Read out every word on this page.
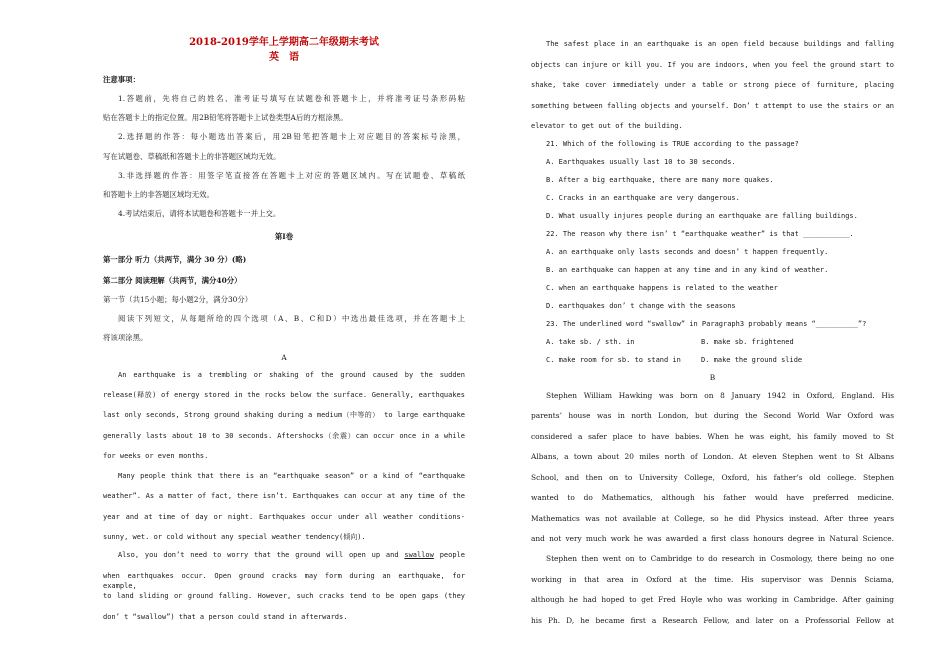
2018-2019学年上学期高二年级期末考试
英　语
注意事项：
1.答题前，先将自己的姓名、准考证号填写在试题卷和答题卡上，并将准考证号条形码粘
贴在答题卡上的指定位置。用2B铅笔将答题卡上试卷类型A后的方框涂黑。
2.选择题的作答：每小题选出答案后，用2B铅笔把答题卡上对应题目的答案标号涂黑，
写在试题卷、草稿纸和答题卡上的非答题区域均无效。
3.非选择题的作答：用签字笔直接答在答题卡上对应的答题区域内。写在试题卷、草稿纸
和答题卡上的非答题区域均无效。
4.考试结束后，请将本试题卷和答题卡一并上交。
第Ⅰ卷
第一部分 听力（共两节，满分 30 分）(略)
第二部分 阅读理解（共两节，满分40分）
第一节（共15小题；每小题2分，满分30分）
阅读下列短文，从每题所给的四个选项（A、B、C和D）中选出最佳选项，并在答题卡上
将该项涂黑。
A
An earthquake is a trembling or shaking of the ground caused by the sudden
release(释放) of energy stored in the rocks below the surface. Generally, earthquakes
last only seconds, Strong ground shaking during a medium（中等的） to large earthquake
generally lasts about 10 to 30 seconds. Aftershocks（余震）can occur once in a while
for weeks or even months.
Many people think that there is an “earthquake season” or a kind of “earthquake
weather”. As a matter of fact, there isn’t. Earthquakes can occur at any time of the
year and at time of day or night. Earthquakes occur under all weather conditions-
sunny, wet. or cold without any special weather tendency(倾向).
Also, you don’t need to worry that the ground will open up and swallow people
when earthquakes occur. Open ground cracks may form during an earthquake, for example,
to land sliding or ground falling. However, such cracks tend to be open gaps (they
don’ t “swallow”) that a person could stand in afterwards.
The safest place in an earthquake is an open field because buildings and falling
objects can injure or kill you. If you are indoors, when you feel the ground start to
shake, take cover immediately under a table or strong piece of furniture, placing
something between falling objects and yourself. Don’ t attempt to use the stairs or an
elevator to get out of the building.
21. Which of the following is TRUE according to the passage?
A. Earthquakes usually last 10 to 30 seconds.
B. After a big earthquake, there are many more quakes.
C. Cracks in an earthquake are very dangerous.
D. What usually injures people during an earthquake are falling buildings.
22. The reason why there isn’ t “earthquake weather” is that ___________.
A. an earthquake only lasts seconds and doesn’ t happen frequently.
B. an earthquake can happen at any time and in any kind of weather.
C. when an earthquake happens is related to the weather
D. earthquakes don’ t change with the seasons
23. The underlined word “swallow” in Paragraph3 probably means “__________”?
A. take sb. / sth. in	B. make sb. frightened
C. make room for sb. to stand in	D. make the ground slide
B
Stephen William Hawking was born on 8 January 1942 in Oxford, England. His
parents’ house was in north London, but during the Second World War Oxford was
considered a safer place to have babies. When he was eight, his family moved to St
Albans, a town about 20 miles north of London. At eleven Stephen went to St Albans
School, and then on to University College, Oxford, his father’s old college. Stephen
wanted to do Mathematics, although his father would have preferred medicine.
Mathematics was not available at College, so he did Physics instead. After three years
and not very much work he was awarded a first class honours degree in Natural Science.
Stephen then went on to Cambridge to do research in Cosmology, there being no one
working in that area in Oxford at the time. His supervisor was Dennis Sciama,
although he had hoped to get Fred Hoyle who was working in Cambridge. After gaining
his Ph. D, he became first a Research Fellow, and later on a Professorial Fellow at
